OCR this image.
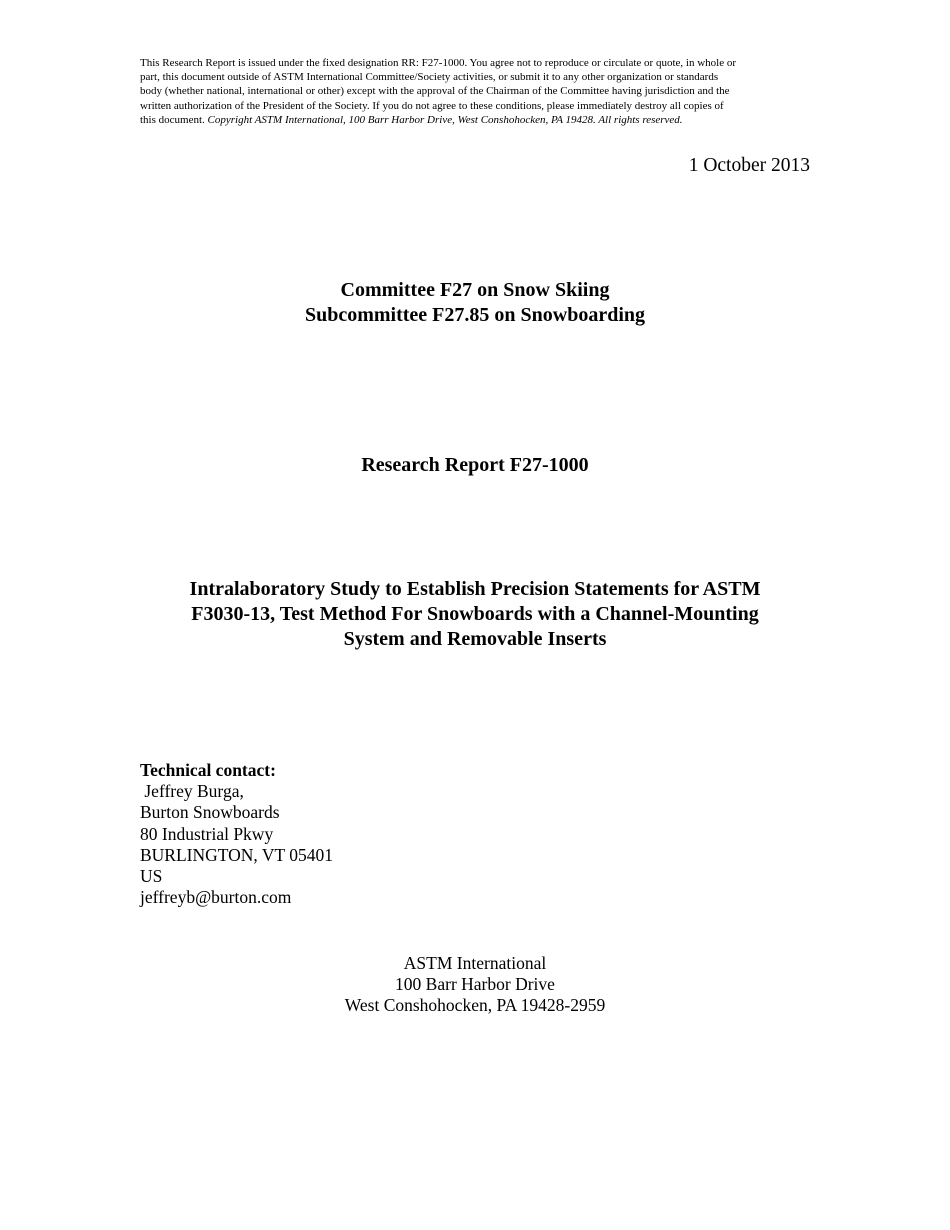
This Research Report is issued under the fixed designation RR: F27-1000. You agree not to reproduce or circulate or quote, in whole or
part, this document outside of ASTM International Committee/Society activities, or submit it to any other organization or standards
body (whether national, international or other) except with the approval of the Chairman of the Committee having jurisdiction and the
written authorization of the President of the Society. If you do not agree to these conditions, please immediately destroy all copies of
this document. Copyright ASTM International, 100 Barr Harbor Drive, West Conshohocken, PA 19428. All rights reserved.
1 October 2013
Committee F27 on Snow Skiing
Subcommittee F27.85 on Snowboarding
Research Report F27-1000
Intralaboratory Study to Establish Precision Statements for ASTM
F3030-13, Test Method For Snowboards with a Channel-Mounting
System and Removable Inserts
Technical contact:
Jeffrey Burga,
Burton Snowboards
80 Industrial Pkwy
BURLINGTON, VT 05401
US
jeffreyb@burton.com
ASTM International
100 Barr Harbor Drive
West Conshohocken, PA 19428-2959
